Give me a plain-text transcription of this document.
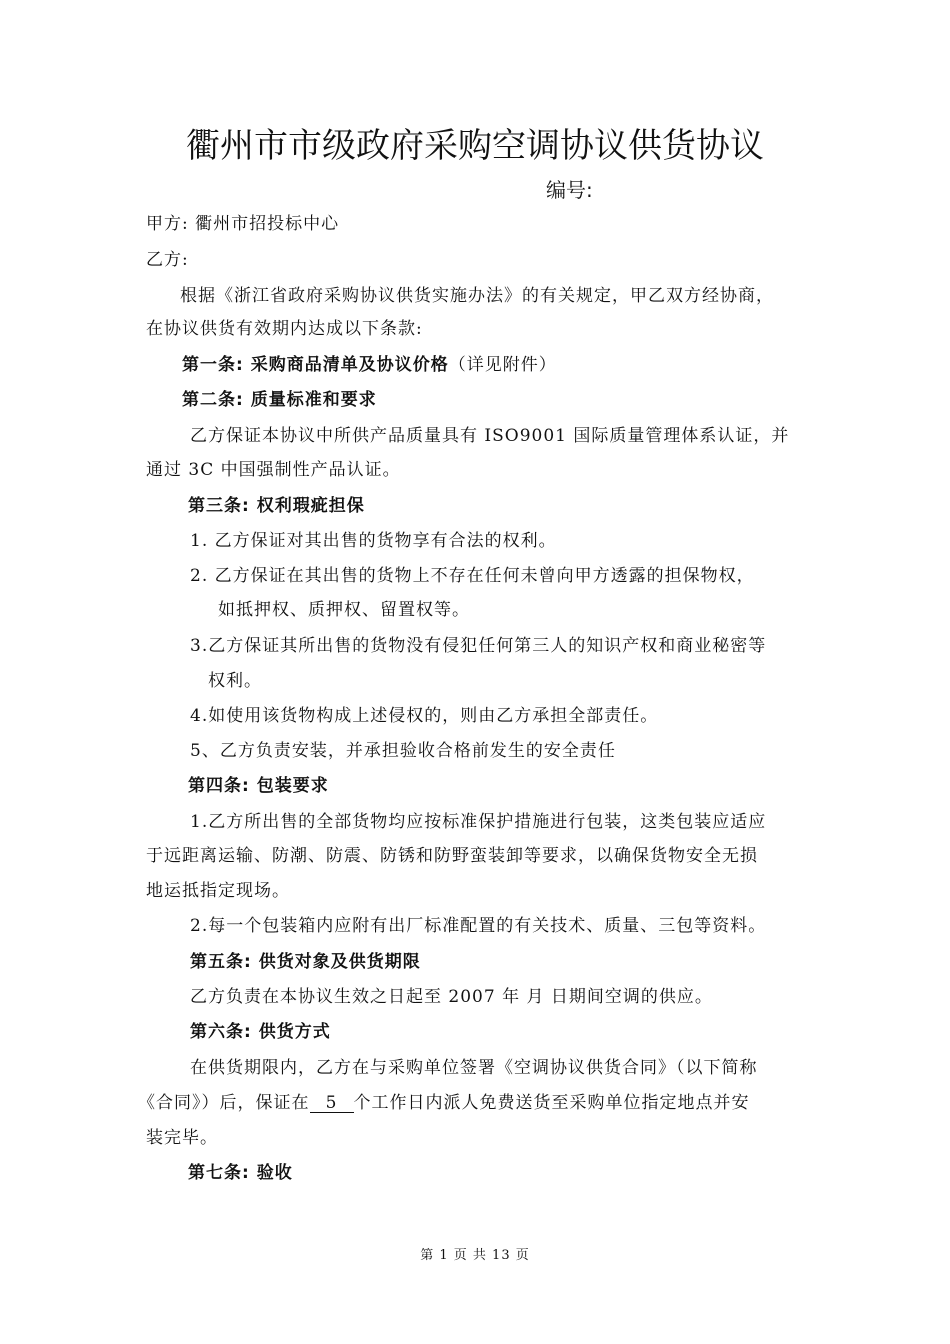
衢州市市级政府采购空调协议供货协议
编号:
甲方: 衢州市招投标中心
乙方:
根据《浙江省政府采购协议供货实施办法》的有关规定，甲乙双方经协商，
在协议供货有效期内达成以下条款:
第一条: 采购商品清单及协议价格（详见附件）
第二条: 质量标准和要求
乙方保证本协议中所供产品质量具有 ISO9001 国际质量管理体系认证，并
通过 3C 中国强制性产品认证。
第三条: 权利瑕疵担保
1. 乙方保证对其出售的货物享有合法的权利。
2. 乙方保证在其出售的货物上不存在任何未曾向甲方透露的担保物权，
如抵押权、质押权、留置权等。
3.乙方保证其所出售的货物没有侵犯任何第三人的知识产权和商业秘密等
权利。
4.如使用该货物构成上述侵权的，则由乙方承担全部责任。
5、乙方负责安装，并承担验收合格前发生的安全责任
第四条: 包装要求
1.乙方所出售的全部货物均应按标准保护措施进行包装，这类包装应适应
于远距离运输、防潮、防震、防锈和防野蛮装卸等要求，以确保货物安全无损
地运抵指定现场。
2.每一个包装箱内应附有出厂标准配置的有关技术、质量、三包等资料。
第五条: 供货对象及供货期限
乙方负责在本协议生效之日起至 2007 年 月 日期间空调的供应。
第六条: 供货方式
在供货期限内，乙方在与采购单位签署《空调协议供货合同》（以下简称
《合同》）后，保证在 5 个工作日内派人免费送货至采购单位指定地点并安
装完毕。
第七条: 验收
第 1 页 共 13 页
